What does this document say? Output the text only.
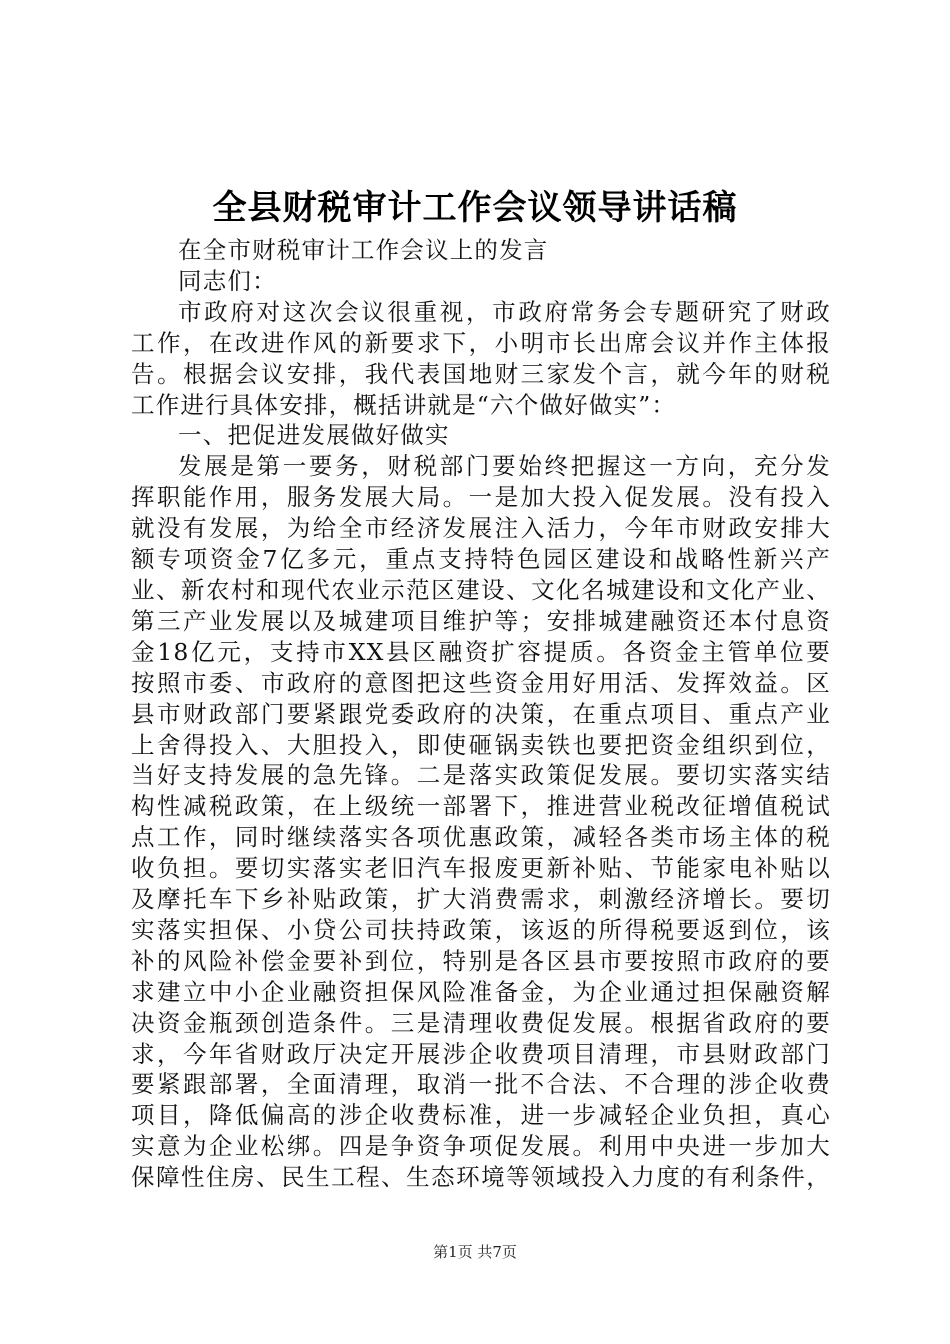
全县财税审计工作会议领导讲话稿
在全市财税审计工作会议上的发言
同志们：
市政府对这次会议很重视，市政府常务会专题研究了财政
工作，在改进作风的新要求下，小明市长出席会议并作主体报
告。根据会议安排，我代表国地财三家发个言，就今年的财税
工作进行具体安排，概括讲就是“六个做好做实”：
一、把促进发展做好做实
发展是第一要务，财税部门要始终把握这一方向，充分发
挥职能作用，服务发展大局。一是加大投入促发展。没有投入
就没有发展，为给全市经济发展注入活力，今年市财政安排大
额专项资金7亿多元，重点支持特色园区建设和战略性新兴产
业、新农村和现代农业示范区建设、文化名城建设和文化产业、
第三产业发展以及城建项目维护等；安排城建融资还本付息资
金18亿元，支持市XX县区融资扩容提质。各资金主管单位要
按照市委、市政府的意图把这些资金用好用活、发挥效益。区
县市财政部门要紧跟党委政府的决策，在重点项目、重点产业
上舍得投入、大胆投入，即使砸锅卖铁也要把资金组织到位，
当好支持发展的急先锋。二是落实政策促发展。要切实落实结
构性减税政策，在上级统一部署下，推进营业税改征增值税试
点工作，同时继续落实各项优惠政策，减轻各类市场主体的税
收负担。要切实落实老旧汽车报废更新补贴、节能家电补贴以
及摩托车下乡补贴政策，扩大消费需求，刺激经济增长。要切
实落实担保、小贷公司扶持政策，该返的所得税要返到位，该
补的风险补偿金要补到位，特别是各区县市要按照市政府的要
求建立中小企业融资担保风险准备金，为企业通过担保融资解
决资金瓶颈创造条件。三是清理收费促发展。根据省政府的要
求，今年省财政厅决定开展涉企收费项目清理，市县财政部门
要紧跟部署，全面清理，取消一批不合法、不合理的涉企收费
项目，降低偏高的涉企收费标准，进一步减轻企业负担，真心
实意为企业松绑。四是争资争项促发展。利用中央进一步加大
保障性住房、民生工程、生态环境等领域投入力度的有利条件，
第1页 共7页
